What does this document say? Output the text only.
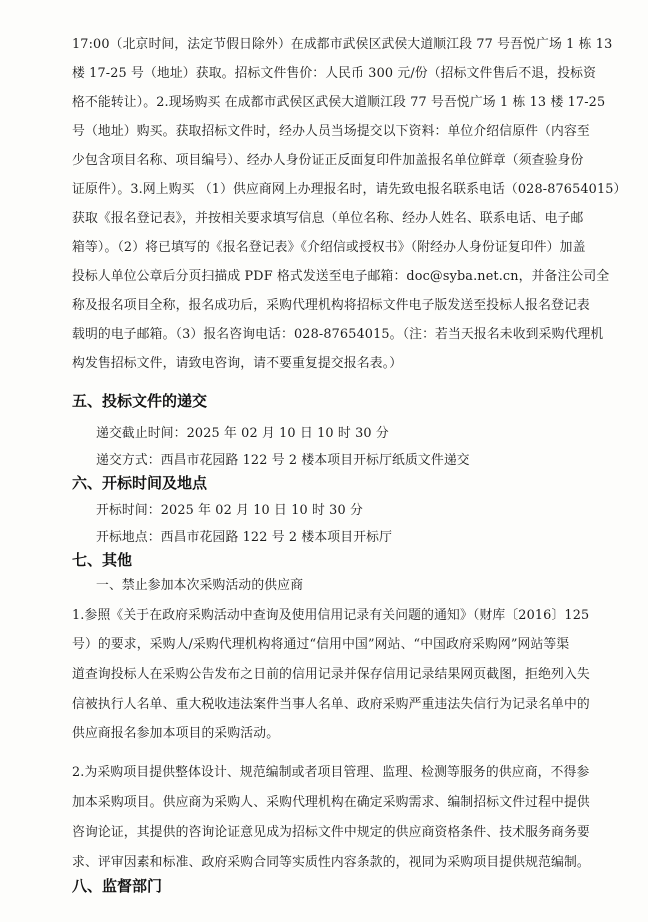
17:00（北京时间，法定节假日除外）在成都市武侯区武侯大道顺江段 77 号吾悦广场 1 栋 13
楼 17-25 号（地址）获取。招标文件售价：人民币 300 元/份（招标文件售后不退，投标资
格不能转让）。2.现场购买 在成都市武侯区武侯大道顺江段 77 号吾悦广场 1 栋 13 楼 17-25
号（地址）购买。获取招标文件时，经办人员当场提交以下资料：单位介绍信原件（内容至
少包含项目名称、项目编号）、经办人身份证正反面复印件加盖报名单位鲜章（须查验身份
证原件）。3.网上购买 （1）供应商网上办理报名时，请先致电报名联系电话（028-87654015）
获取《报名登记表》，并按相关要求填写信息（单位名称、经办人姓名、联系电话、电子邮
箱等）。（2）将已填写的《报名登记表》《介绍信或授权书》（附经办人身份证复印件）加盖
投标人单位公章后分页扫描成 PDF 格式发送至电子邮箱：doc@syba.net.cn，并备注公司全
称及报名项目全称，报名成功后，采购代理机构将招标文件电子版发送至投标人报名登记表
载明的电子邮箱。（3）报名咨询电话：028-87654015。（注：若当天报名未收到采购代理机
构发售招标文件，请致电咨询，请不要重复提交报名表。）
五、投标文件的递交
递交截止时间：2025 年 02 月 10 日 10 时 30 分
递交方式：西昌市花园路 122 号 2 楼本项目开标厅纸质文件递交
六、开标时间及地点
开标时间：2025 年 02 月 10 日 10 时 30 分
开标地点：西昌市花园路 122 号 2 楼本项目开标厅
七、其他
一、禁止参加本次采购活动的供应商
1.参照《关于在政府采购活动中查询及使用信用记录有关问题的通知》（财库〔2016〕125
号）的要求，采购人/采购代理机构将通过“信用中国”网站、“中国政府采购网”网站等渠
道查询投标人在采购公告发布之日前的信用记录并保存信用记录结果网页截图，拒绝列入失
信被执行人名单、重大税收违法案件当事人名单、政府采购严重违法失信行为记录名单中的
供应商报名参加本项目的采购活动。
2.为采购项目提供整体设计、规范编制或者项目管理、监理、检测等服务的供应商，不得参
加本采购项目。供应商为采购人、采购代理机构在确定采购需求、编制招标文件过程中提供
咨询论证，其提供的咨询论证意见成为招标文件中规定的供应商资格条件、技术服务商务要
求、评审因素和标准、政府采购合同等实质性内容条款的，视同为采购项目提供规范编制。
八、监督部门
